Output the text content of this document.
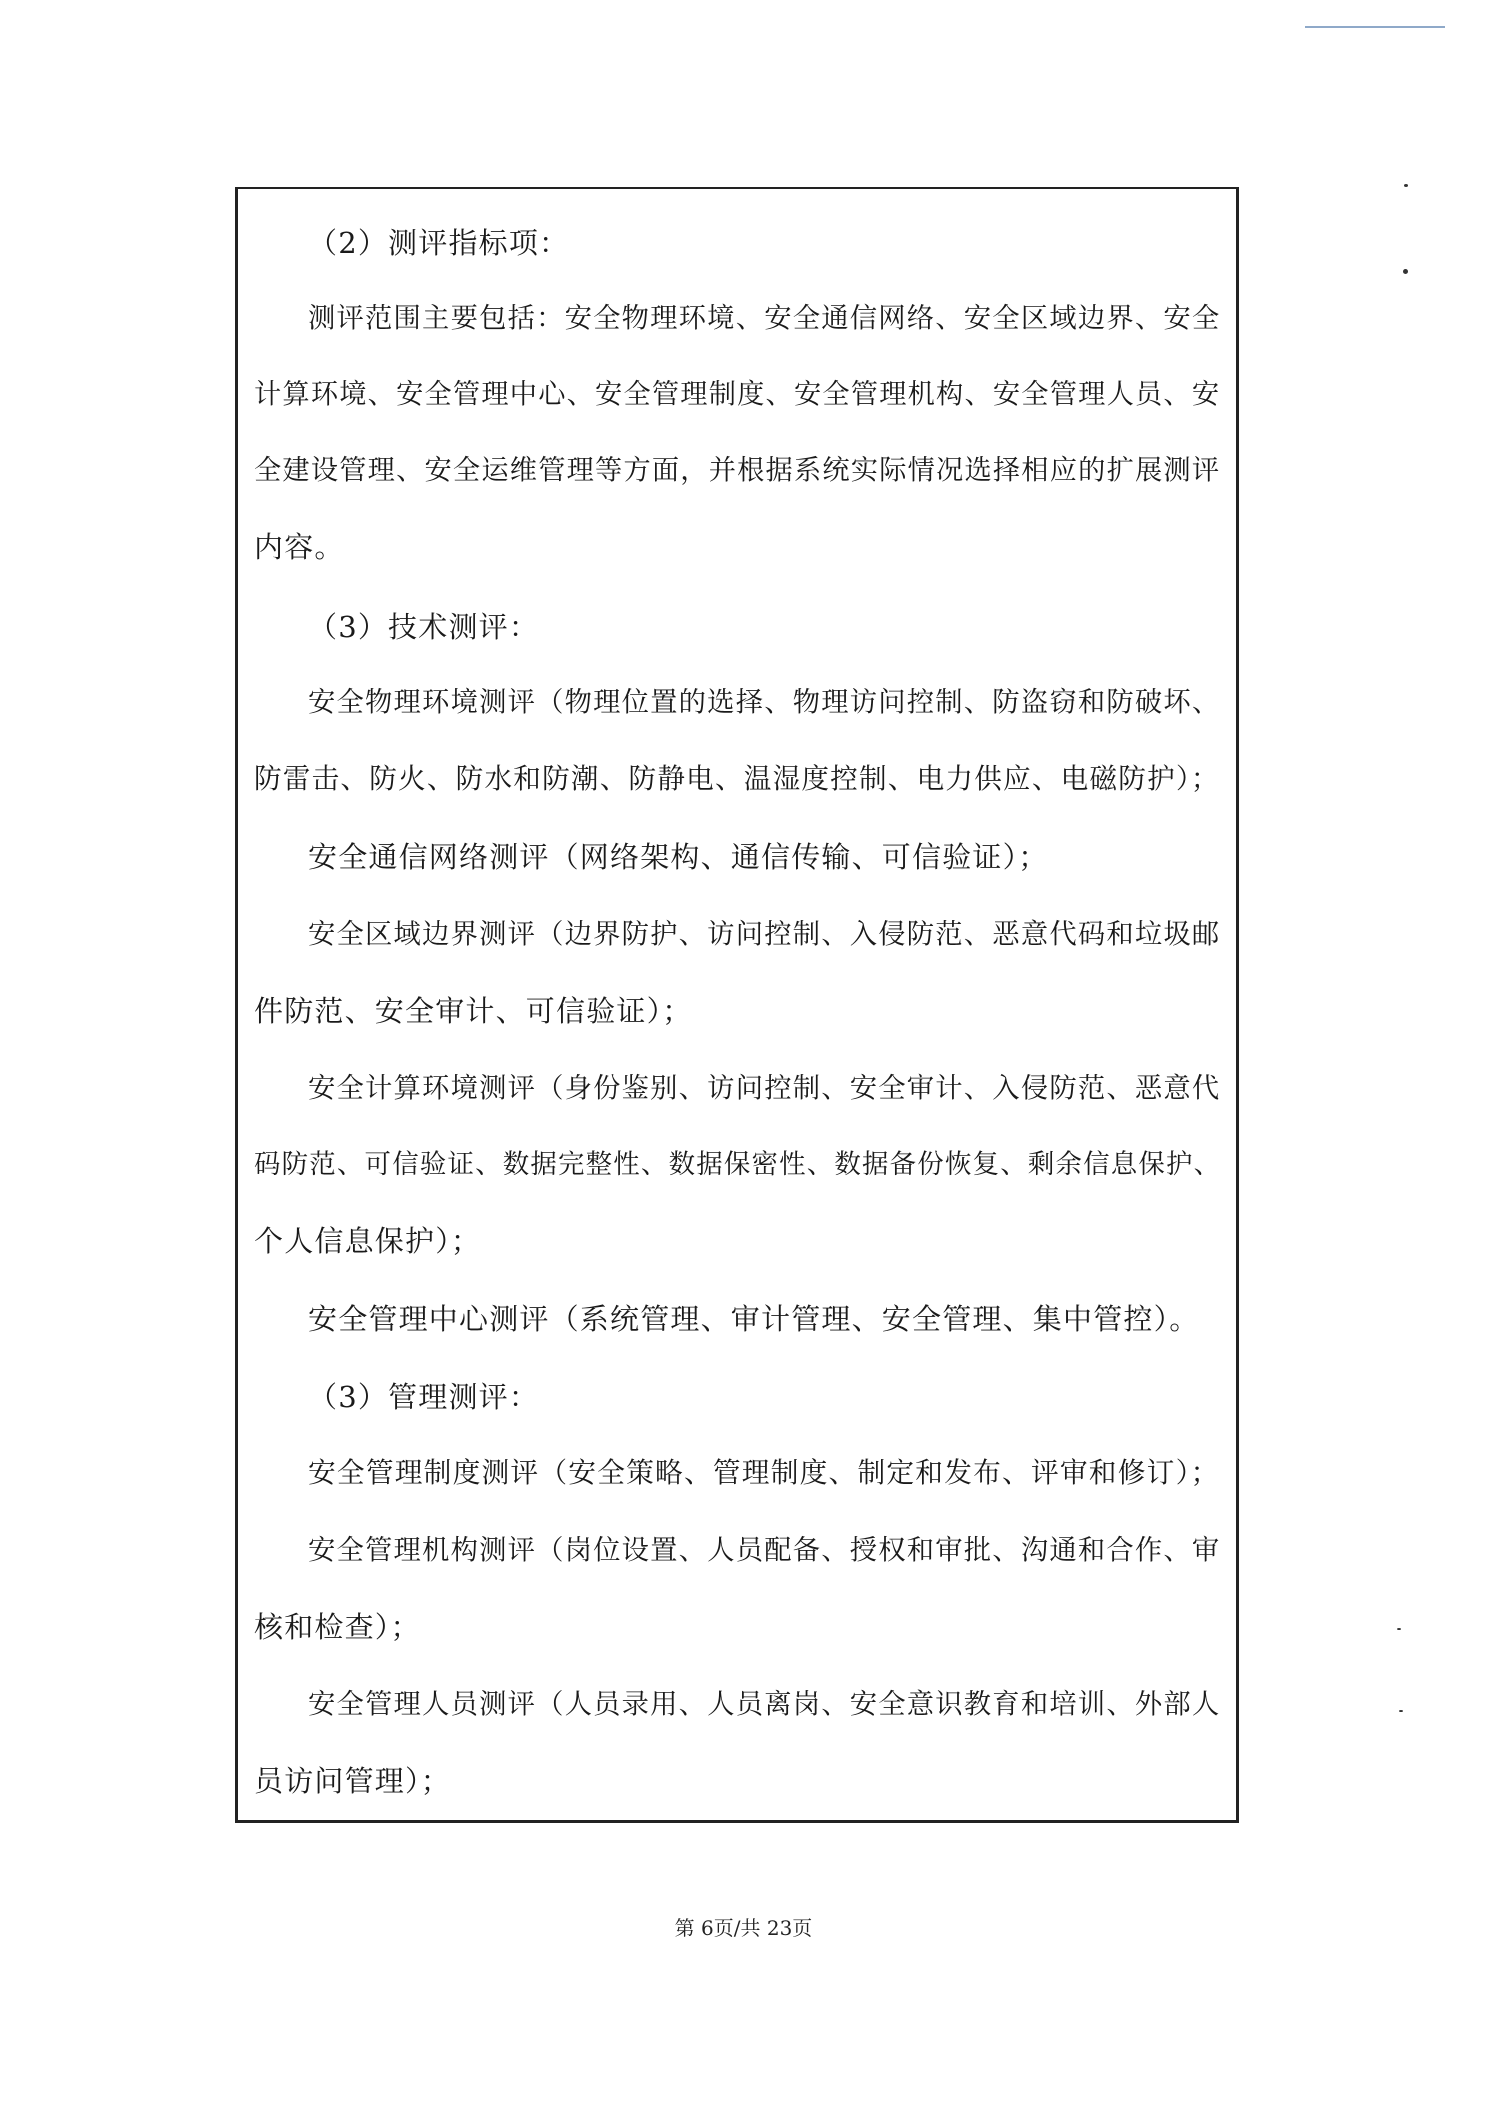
（2）测评指标项：

测评范围主要包括：安全物理环境、安全通信网络、安全区域边界、安全

计算环境、安全管理中心、安全管理制度、安全管理机构、安全管理人员、安

全建设管理、安全运维管理等方面，并根据系统实际情况选择相应的扩展测评

内容。

（3）技术测评：

安全物理环境测评（物理位置的选择、物理访问控制、防盗窃和防破坏、

防雷击、防火、防水和防潮、防静电、温湿度控制、电力供应、电磁防护）；

安全通信网络测评（网络架构、通信传输、可信验证）；

安全区域边界测评（边界防护、访问控制、入侵防范、恶意代码和垃圾邮

件防范、安全审计、可信验证）；

安全计算环境测评（身份鉴别、访问控制、安全审计、入侵防范、恶意代

码防范、可信验证、数据完整性、数据保密性、数据备份恢复、剩余信息保护、

个人信息保护）；

安全管理中心测评（系统管理、审计管理、安全管理、集中管控）。

（3）管理测评：

安全管理制度测评（安全策略、管理制度、制定和发布、评审和修订）；

安全管理机构测评（岗位设置、人员配备、授权和审批、沟通和合作、审

核和检查）；

安全管理人员测评（人员录用、人员离岗、安全意识教育和培训、外部人

员访问管理）；

第 6页/共 23页
